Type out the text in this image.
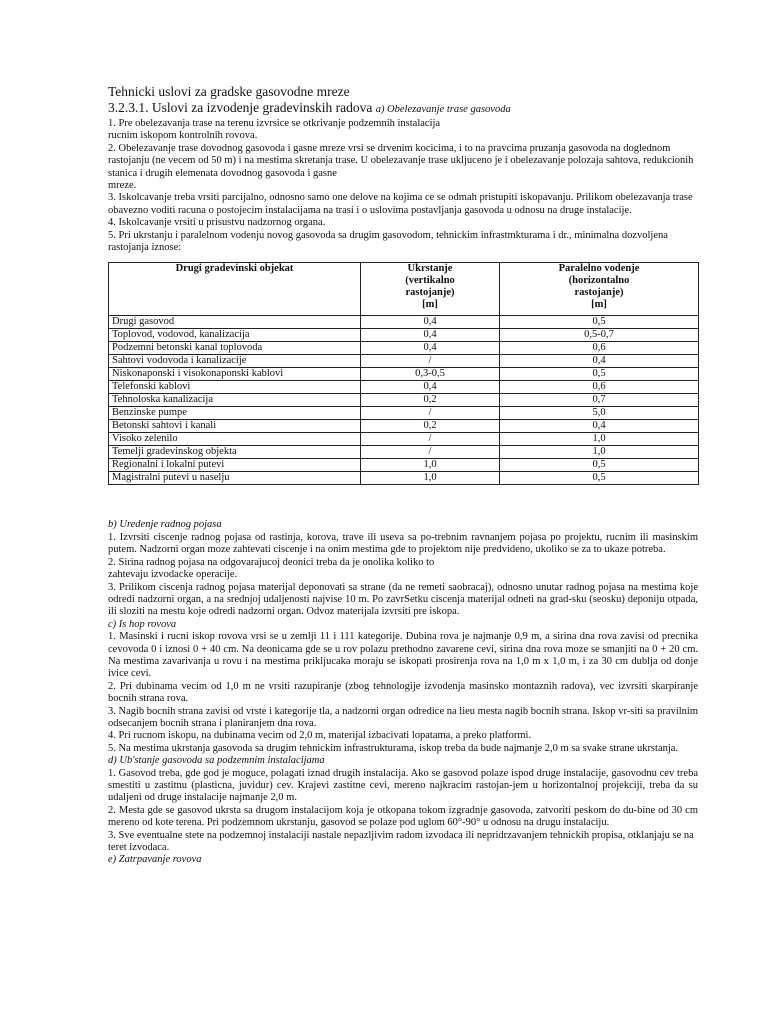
Tehnicki uslovi za gradske gasovodne mreze
3.2.3.1. Uslovi za izvodenje gradevinskih radova a) Obelezavanje trase gasovoda

1. Pre obelezavanja trase na terenu izvrsice se otkrivanje podzemnih instalacija

rucnim iskopom kontrolnih rovova.

2. Obelezavanje trase dovodnog gasovoda i gasne mreze vrsi se drvenim kocicima, i to na pravcima pruzanja gasovoda na doglednom rastojanju (ne vecem od 50 m) i na mestima skretanja trase. U obelezavanje trase ukljuceno je i obelezavanje polozaja sahtova, redukcionih stanica i drugih elemenata dovodnog gasovoda i gasne

mreze.

3. Iskolcavanje treba vrsiti parcijalno, odnosno samo one delove na kojima ce se odmah pristupiti iskopavanju. Prilikom obelezavanja trase obavezno voditi racuna o postojecim instalacijama na trasi i o uslovima postavljanja gasovoda u odnosu na druge instalacije.

4. Iskolcavanje vrsiti u prisustvu nadzornog organa.

5. Pri ukrstanju i paralelnom vodenju novog gasovoda sa drugim gasovodom, tehnickim infrastmkturama i dr., minimalna dozvoljena rastojanja iznose:

Drugi gradevinski objekat	Ukrstanje
(vertikalno
rastojanje)
[m]	Paralelno vodenje
(horizontalno
rastojanje)
[m]
Drugi gasovod	0,4	0,5
Toplovod, vodovod, kanalizacija	0,4	0,5-0,7
Podzemni betonski kanal toplovoda	0,4	0,6
Sahtovi vodovoda i kanalizacije	/	0,4
Niskonaponski i visokonaponski kablovi	0,3-0,5	0,5
Telefonski kablovi	0,4	0,6
Tehnoloska kanalizacija	0,2	0,7
Benzinske pumpe	/	5,0
Betonski sahtovi i kanali	0,2	0,4
Visoko zelenilo	/	1,0
Temelji gradevinskog objekta	/	1,0
Regionalni i lokalni putevi	1,0	0,5
Magistralni putevi u naselju	1,0	0,5

b) Uredenje radnog pojasa

1. Izvrsiti ciscenje radnog pojasa od rastinja, korova, trave ili useva sa po-trebnim ravnanjem pojasa po projektu, rucnim ili masinskim putem. Nadzorni organ moze zahtevati ciscenje i na onim mestima gde to projektom nije predvideno, ukoliko se za to ukaze potreba.

2. Sirina radnog pojasa na odgovarajucoj deonici treba da je onolika koliko to

zahtevaju izvodacke operacije.

3. Prilikom ciscenja radnog pojasa materijal deponovati sa strane (da ne remeti saobracaj), odnosno unutar radnog pojasa na mestima koje odredi nadzorni organ, a na srednjoj udaljenosti najvise 10 m. Po zavrSetku ciscenja materijal odneti na grad-sku (seosku) deponiju otpada, ili sloziti na mestu koje odredi nadzorni organ. Odvoz materijala izvrsiti pre iskopa.

c) Is hop rovova

1. Masinski i rucni iskop rovova vrsi se u zemlji 11 i 111 kategorije. Dubina rova je najmanje 0,9 m, a sirina dna rova zavisi od precnika cevovoda 0 i iznosi 0 + 40 cm. Na deonicama gde se u rov polazu prethodno zavarene cevi, sirina dna rova moze se smanjiti na 0 + 20 cm. Na mestima zavarivanja u rovu i na mestima prikljucaka moraju se iskopati prosirenja rova na 1,0 m x 1,0 m, i za 30 cm dublja od donje ivice cevi.

2. Pri dubinama vecim od 1,0 m ne vrsiti razupiranje (zbog tehnologije izvodenja masinsko montaznih radova), vec izvrsiti skarpiranje bocnih strana rova.

3. Nagib bocnih strana zavisi od vrste i kategorije tla, a nadzorni organ odredice na lieu mesta nagib bocnih strana. Iskop vr-siti sa pravilnim odsecanjem bocnih strana i planiranjem dna rova.

4. Pri rucnom iskopu, na dubinama vecim od 2,0 m, materijal izbacivati lopatama, a preko platformi.

5. Na mestima ukrstanja gasovoda sa drugim tehnickim infrastrukturama, iskop treba da bude najmanje 2,0 m sa svake strane ukrstanja.

d) Ub'stanje gasovoda sa podzemnim instalacijama

1. Gasovod treba, gde god je moguce, polagati iznad drugih instalacija. Ako se gasovod polaze ispod druge instalacije, gasovodnu cev treba smestiti u zastitnu (plasticna, juvidur) cev. Krajevi zastitne cevi, mereno najkracim rastojan-jem u horizontalnoj projekciji, treba da su udaljeni od druge instalacije najmanje 2,0 m.

2. Mesta gde se gasovod ukrsta sa drugom instalacijom koja je otkopana tokom izgradnje gasovoda, zatvoriti peskom do du-bine od 30 cm mereno od kote terena. Pri podzemnom ukrstanju, gasovod se polaze pod uglom 60°-90° u odnosu na drugu instalaciju.

3. Sve eventualne stete na podzemnoj instalaciji nastale nepazljivim radom izvodaca ili nepridrzavanjem tehnickih propisa, otklanjaju se na teret izvodaca.

e) Zatrpavanje rovova
